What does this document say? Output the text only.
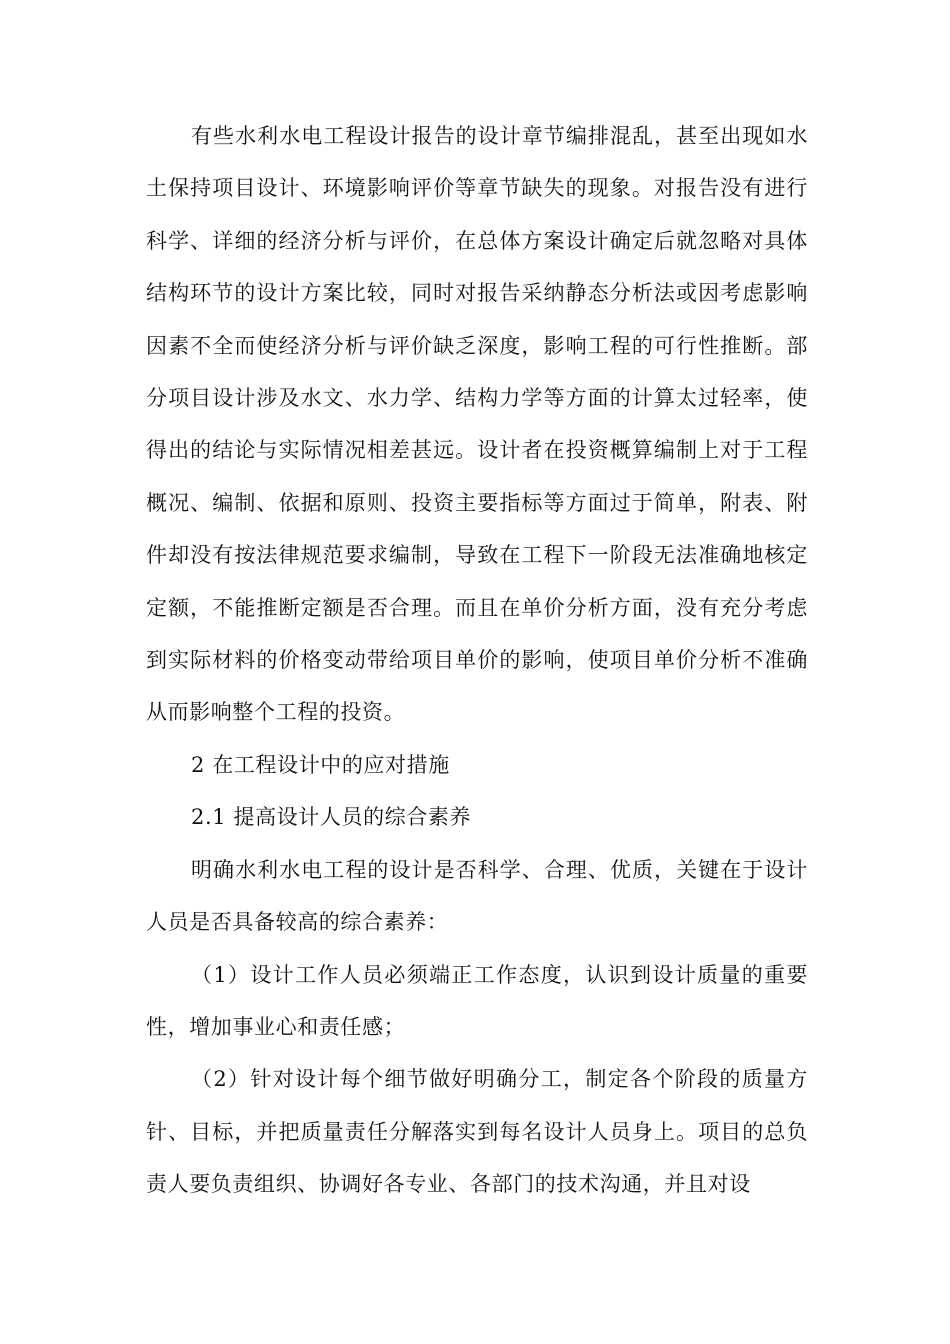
有些水利水电工程设计报告的设计章节编排混乱，甚至出现如水土保持项目设计、环境影响评价等章节缺失的现象。对报告没有进行科学、详细的经济分析与评价，在总体方案设计确定后就忽略对具体结构环节的设计方案比较，同时对报告采纳静态分析法或因考虑影响因素不全而使经济分析与评价缺乏深度，影响工程的可行性推断。部分项目设计涉及水文、水力学、结构力学等方面的计算太过轻率，使得出的结论与实际情况相差甚远。设计者在投资概算编制上对于工程概况、编制、依据和原则、投资主要指标等方面过于简单，附表、附件却没有按法律规范要求编制，导致在工程下一阶段无法准确地核定定额，不能推断定额是否合理。而且在单价分析方面，没有充分考虑到实际材料的价格变动带给项目单价的影响，使项目单价分析不准确从而影响整个工程的投资。

2 在工程设计中的应对措施

2.1 提高设计人员的综合素养

明确水利水电工程的设计是否科学、合理、优质，关键在于设计人员是否具备较高的综合素养：

（1）设计工作人员必须端正工作态度，认识到设计质量的重要性，增加事业心和责任感；

（2）针对设计每个细节做好明确分工，制定各个阶段的质量方针、目标，并把质量责任分解落实到每名设计人员身上。项目的总负责人要负责组织、协调好各专业、各部门的技术沟通，并且对设
